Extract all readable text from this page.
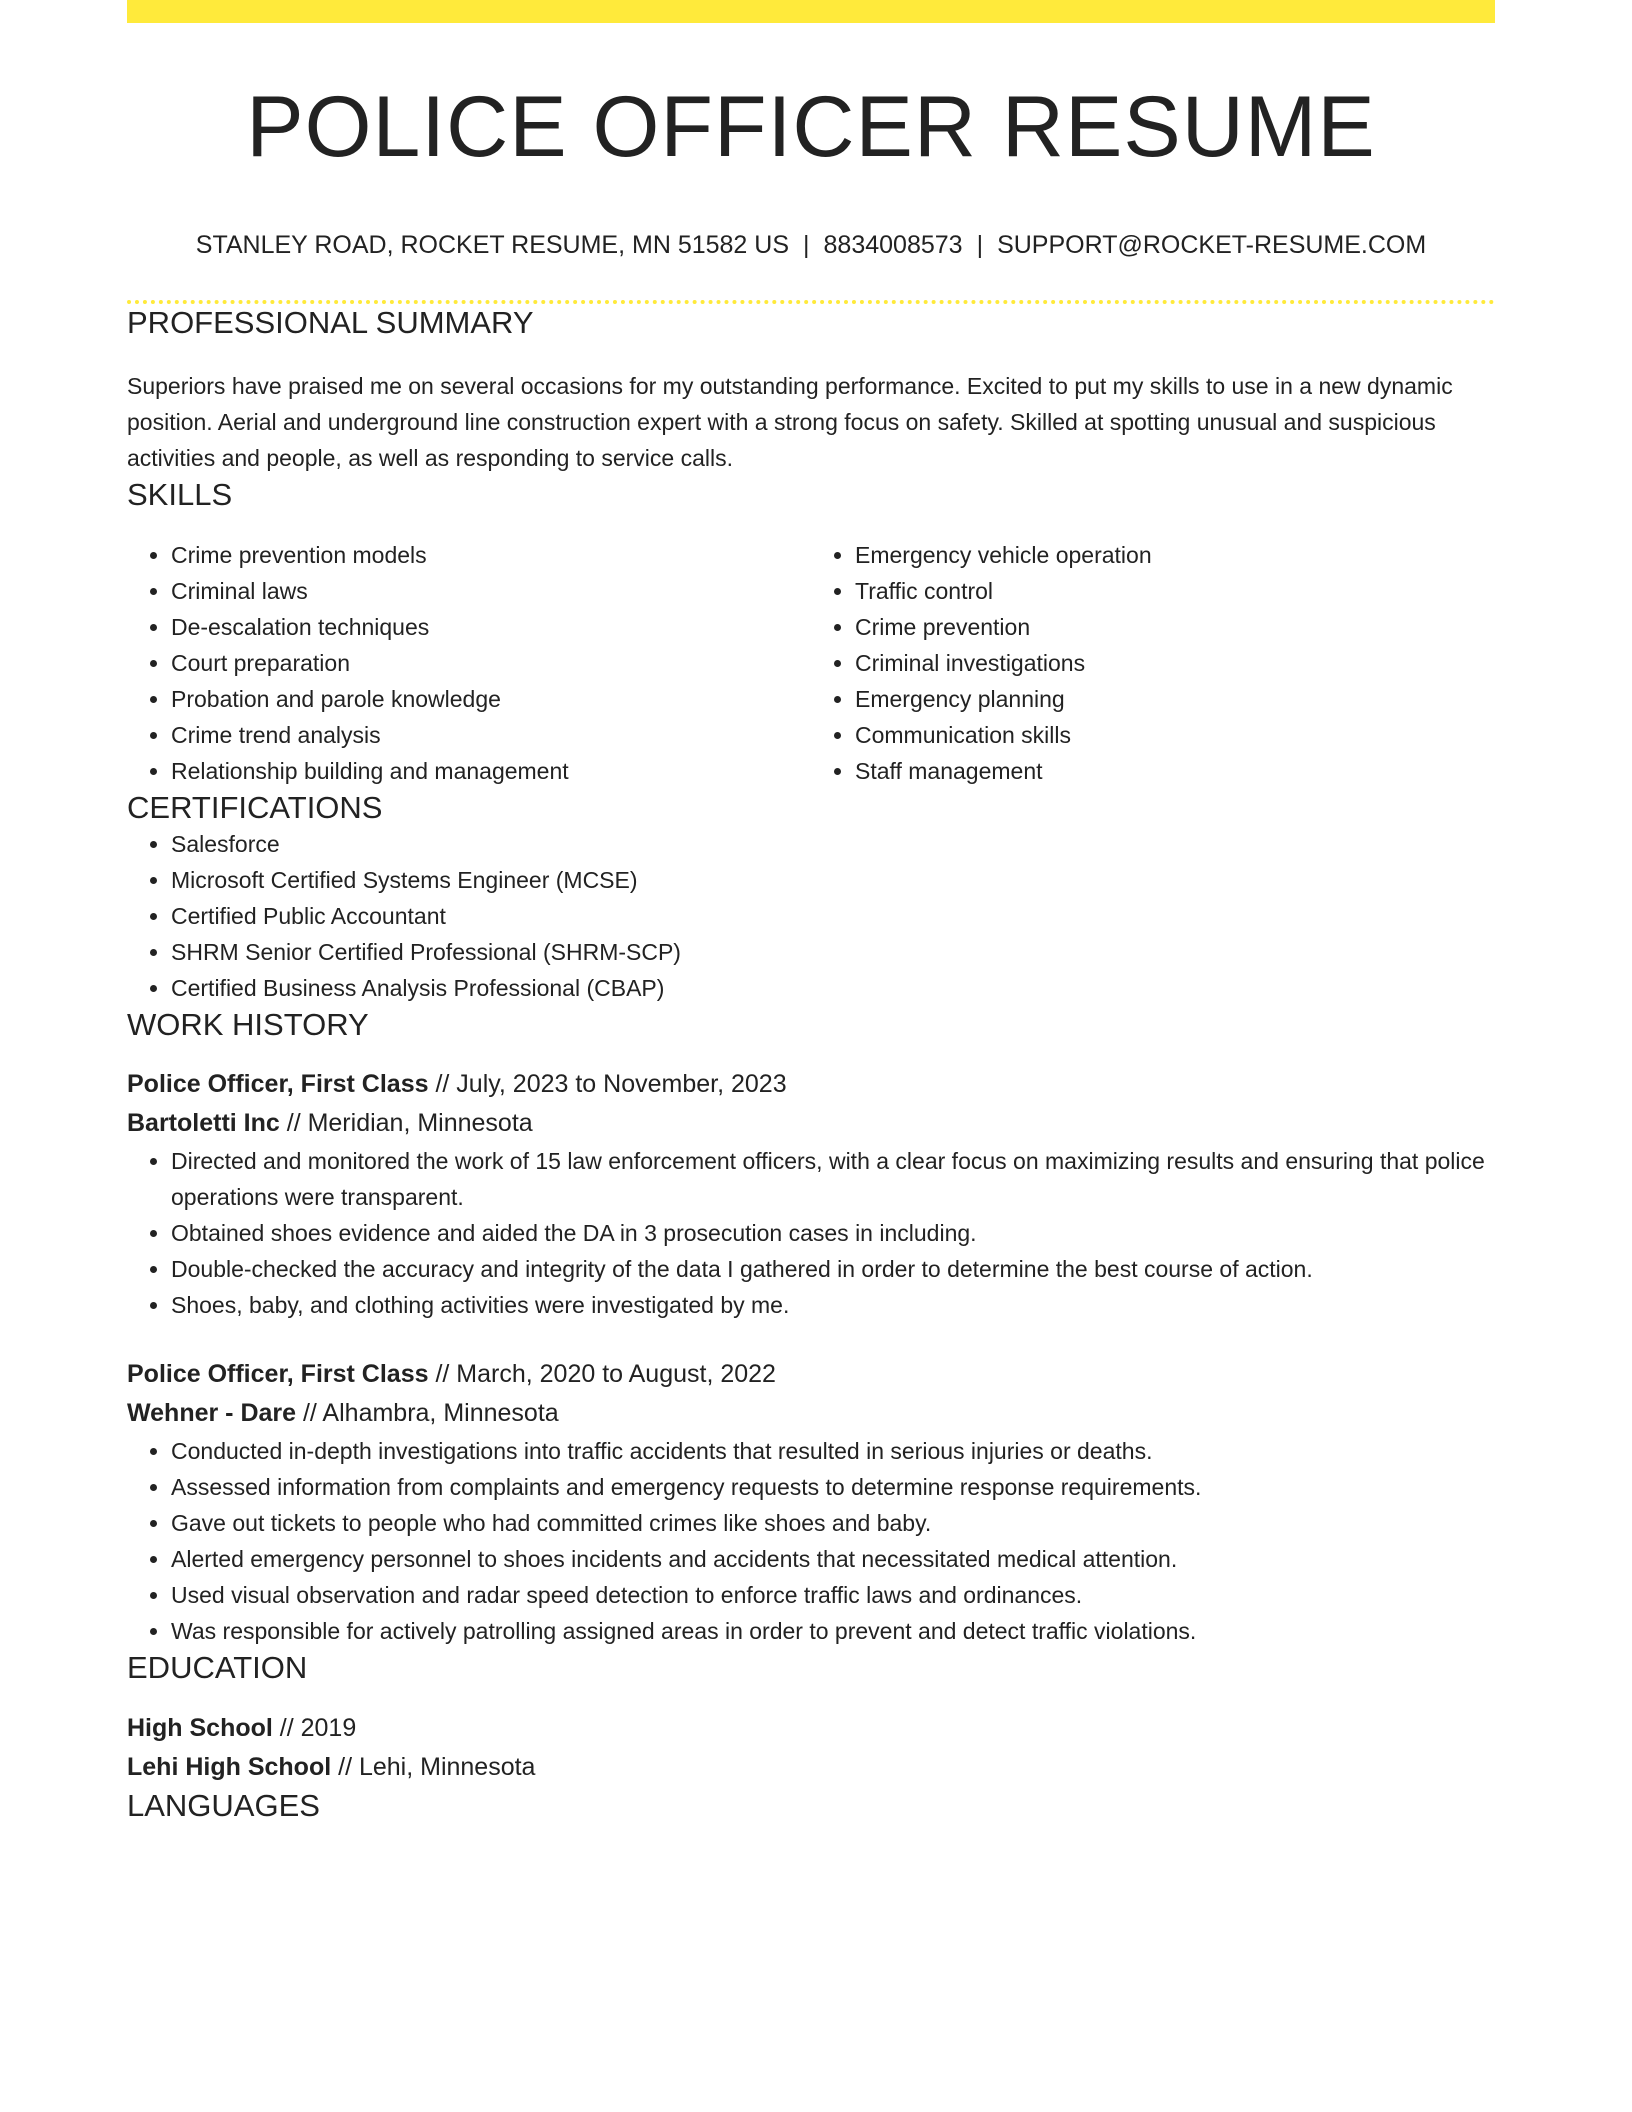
POLICE OFFICER RESUME
STANLEY ROAD, ROCKET RESUME, MN 51582 US | 8834008573 | SUPPORT@ROCKET-RESUME.COM
PROFESSIONAL SUMMARY

Superiors have praised me on several occasions for my outstanding performance. Excited to put my skills to use in a new dynamic position. Aerial and underground line construction expert with a strong focus on safety. Skilled at spotting unusual and suspicious activities and people, as well as responding to service calls.

SKILLS
• Crime prevention models
• Criminal laws
• De-escalation techniques
• Court preparation
• Probation and parole knowledge
• Crime trend analysis
• Relationship building and management
• Emergency vehicle operation
• Traffic control
• Crime prevention
• Criminal investigations
• Emergency planning
• Communication skills
• Staff management
CERTIFICATIONS
• Salesforce
• Microsoft Certified Systems Engineer (MCSE)
• Certified Public Accountant
• SHRM Senior Certified Professional (SHRM-SCP)
• Certified Business Analysis Professional (CBAP)
WORK HISTORY
Police Officer, First Class // July, 2023 to November, 2023
Bartoletti Inc // Meridian, Minnesota
• Directed and monitored the work of 15 law enforcement officers, with a clear focus on maximizing results and ensuring that police operations were transparent.
• Obtained shoes evidence and aided the DA in 3 prosecution cases in including.
• Double-checked the accuracy and integrity of the data I gathered in order to determine the best course of action.
• Shoes, baby, and clothing activities were investigated by me.
Police Officer, First Class // March, 2020 to August, 2022
Wehner - Dare // Alhambra, Minnesota
• Conducted in-depth investigations into traffic accidents that resulted in serious injuries or deaths.
• Assessed information from complaints and emergency requests to determine response requirements.
• Gave out tickets to people who had committed crimes like shoes and baby.
• Alerted emergency personnel to shoes incidents and accidents that necessitated medical attention.
• Used visual observation and radar speed detection to enforce traffic laws and ordinances.
• Was responsible for actively patrolling assigned areas in order to prevent and detect traffic violations.
EDUCATION
High School // 2019
Lehi High School // Lehi, Minnesota
LANGUAGES
